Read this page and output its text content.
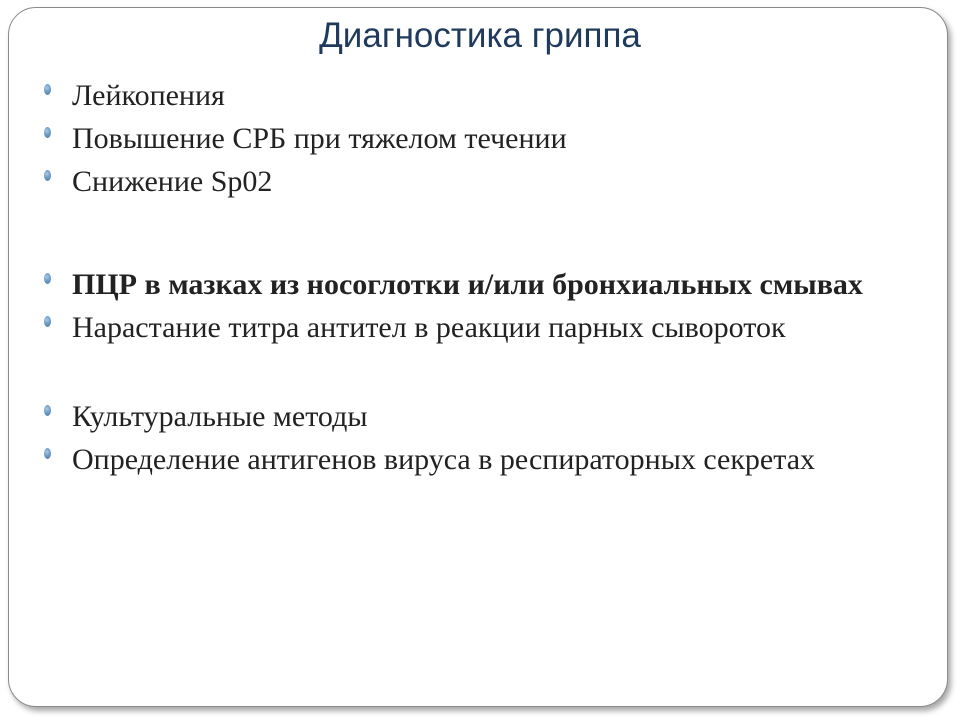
Диагностика гриппа
Лейкопения
Повышение СРБ при тяжелом течении
Снижение Sp02
ПЦР в мазках из носоглотки и/или бронхиальных смывах
Нарастание титра антител в реакции парных сывороток
Культуральные методы
Определение антигенов вируса в респираторных секретах
